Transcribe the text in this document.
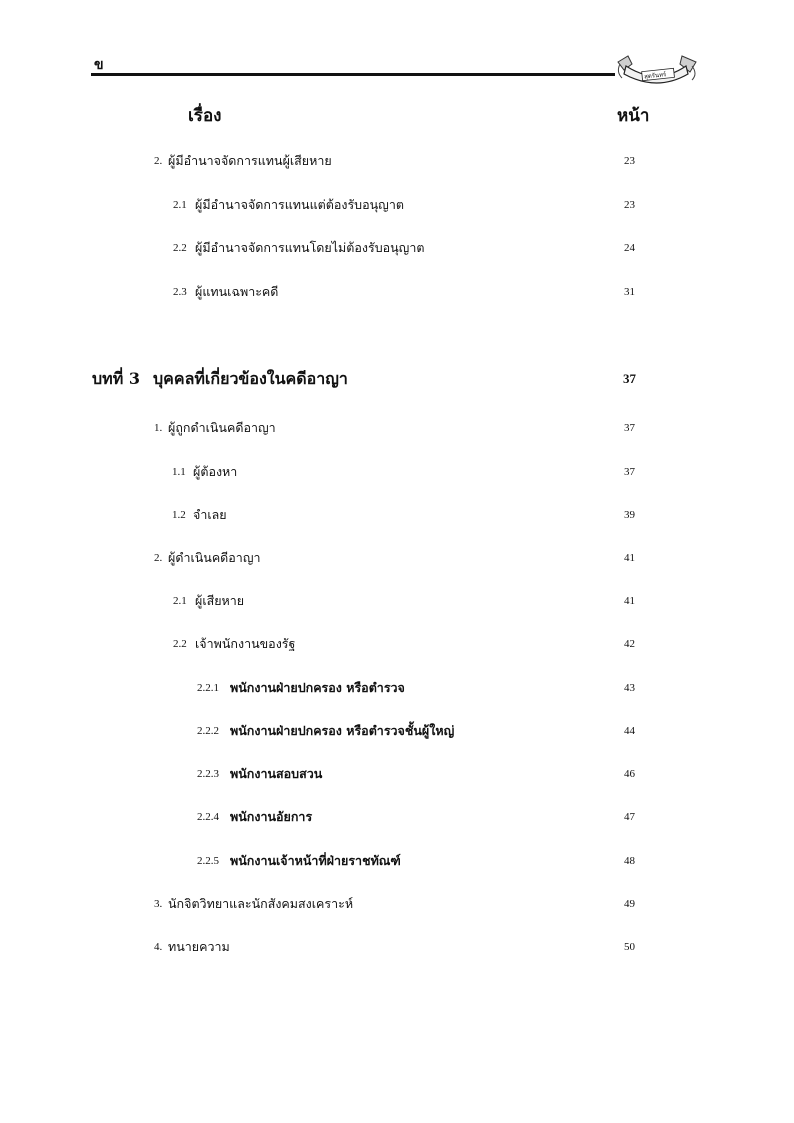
ข
สุตรันทร์
เรื่อง	หน้า
2. ผู้มีอำนาจจัดการแทนผู้เสียหาย	23
2.1 ผู้มีอำนาจจัดการแทนแต่ต้องรับอนุญาต	23
2.2 ผู้มีอำนาจจัดการแทนโดยไม่ต้องรับอนุญาต	24
2.3 ผู้แทนเฉพาะคดี	31
บทที่ 3 บุคคลที่เกี่ยวข้องในคดีอาญา	37
1. ผู้ถูกดำเนินคดีอาญา	37
1.1 ผู้ต้องหา	37
1.2 จำเลย	39
2. ผู้ดำเนินคดีอาญา	41
2.1 ผู้เสียหาย	41
2.2 เจ้าพนักงานของรัฐ	42
2.2.1 พนักงานฝ่ายปกครอง หรือตำรวจ	43
2.2.2 พนักงานฝ่ายปกครอง หรือตำรวจชั้นผู้ใหญ่	44
2.2.3 พนักงานสอบสวน	46
2.2.4 พนักงานอัยการ	47
2.2.5 พนักงานเจ้าหน้าที่ฝ่ายราชทัณฑ์	48
3. นักจิตวิทยาและนักสังคมสงเคราะห์	49
4. ทนายความ	50
